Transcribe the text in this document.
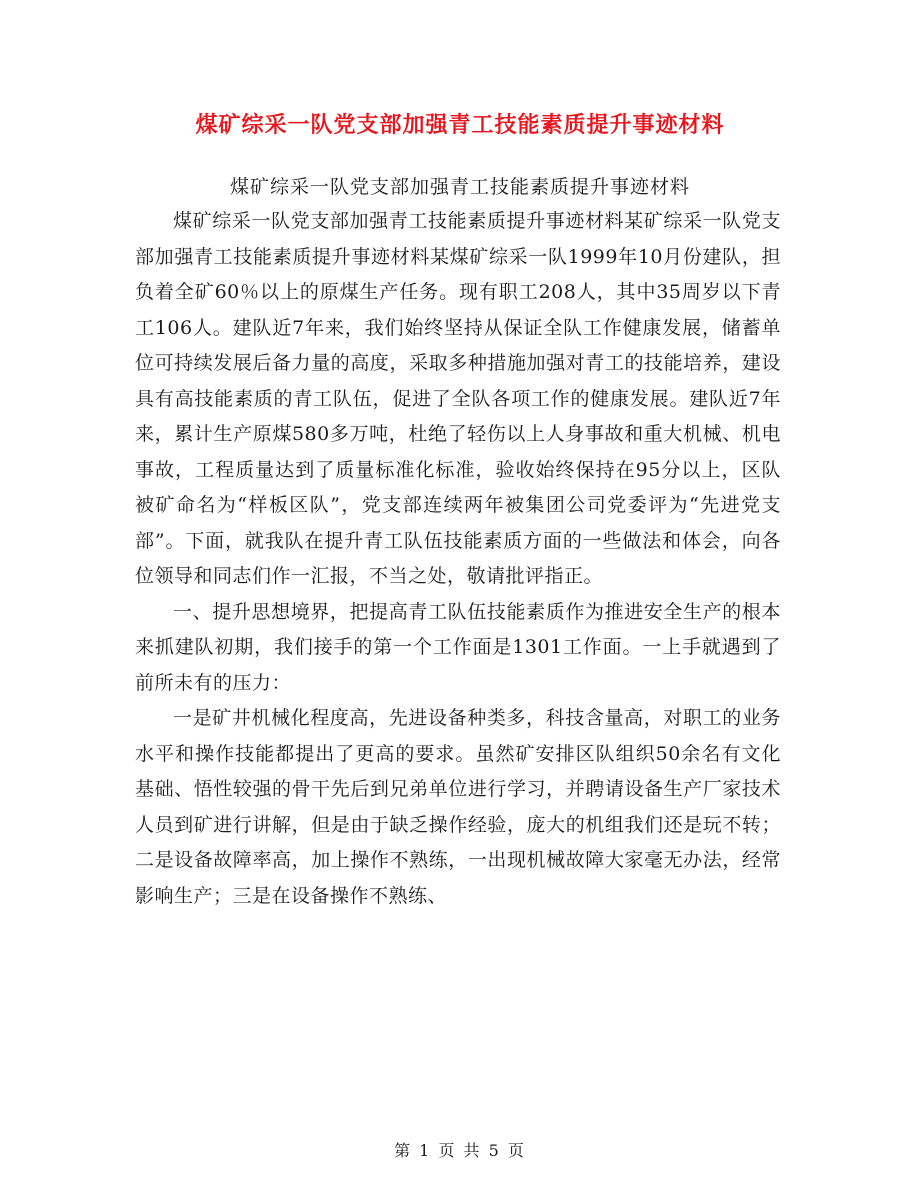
煤矿综采一队党支部加强青工技能素质提升事迹材料
煤矿综采一队党支部加强青工技能素质提升事迹材料

煤矿综采一队党支部加强青工技能素质提升事迹材料某矿综采一队党支部加强青工技能素质提升事迹材料某煤矿综采一队1999年10月份建队，担负着全矿60％以上的原煤生产任务。现有职工208人，其中35周岁以下青工106人。建队近7年来，我们始终坚持从保证全队工作健康发展，储蓄单位可持续发展后备力量的高度，采取多种措施加强对青工的技能培养，建设具有高技能素质的青工队伍，促进了全队各项工作的健康发展。建队近7年来，累计生产原煤580多万吨，杜绝了轻伤以上人身事故和重大机械、机电事故，工程质量达到了质量标准化标准，验收始终保持在95分以上，区队被矿命名为“样板区队”，党支部连续两年被集团公司党委评为“先进党支部”。下面，就我队在提升青工队伍技能素质方面的一些做法和体会，向各位领导和同志们作一汇报，不当之处，敬请批评指正。

一、提升思想境界，把提高青工队伍技能素质作为推进安全生产的根本来抓建队初期，我们接手的第一个工作面是1301工作面。一上手就遇到了前所未有的压力：

一是矿井机械化程度高，先进设备种类多，科技含量高，对职工的业务水平和操作技能都提出了更高的要求。虽然矿安排区队组织50余名有文化基础、悟性较强的骨干先后到兄弟单位进行学习，并聘请设备生产厂家技术人员到矿进行讲解，但是由于缺乏操作经验，庞大的机组我们还是玩不转；二是设备故障率高，加上操作不熟练，一出现机械故障大家毫无办法，经常影响生产；三是在设备操作不熟练、

第 1 页 共 5 页
